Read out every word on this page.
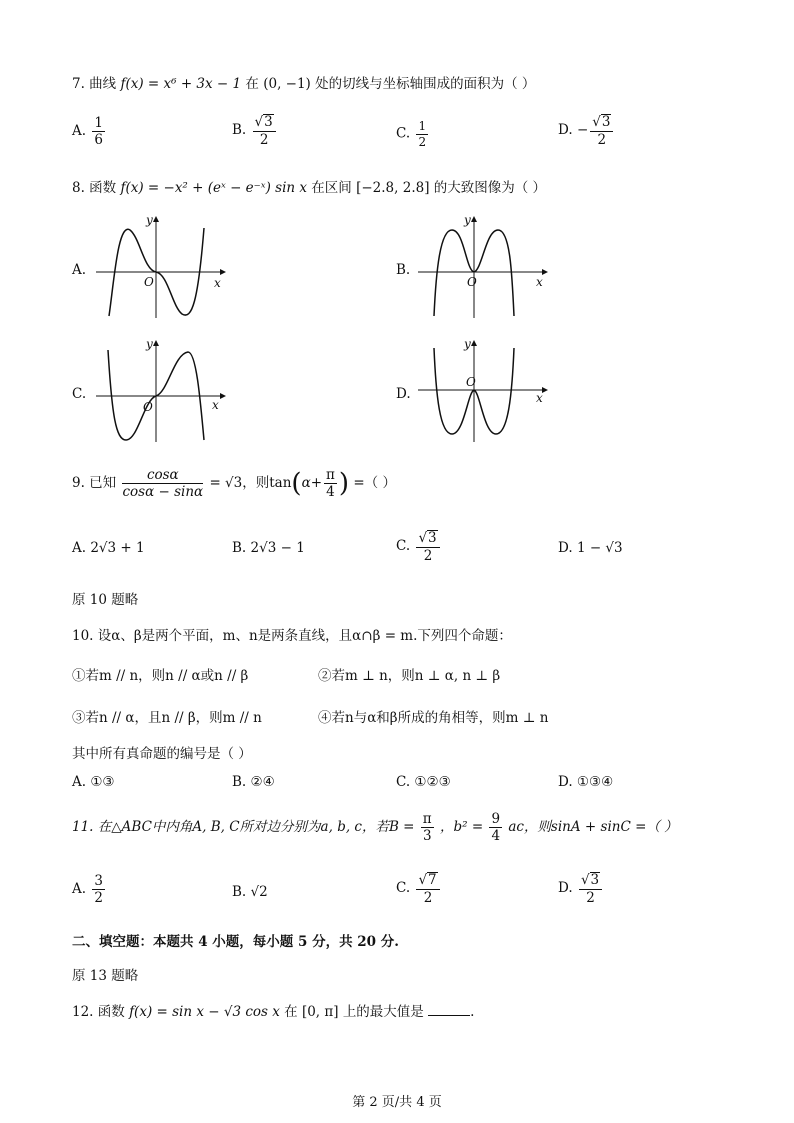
7. 曲线 f(x) = x⁶ + 3x − 1 在 (0, −1) 处的切线与坐标轴围成的面积为（ ）
A. $\frac{1}{6}$	B. $\frac{√3}{2}$	C. $\frac{1}{2}$	D. − $\frac{√3}{2}$
8. 函数 f(x) = −x² + (eˣ − e⁻ˣ) sin x 在区间 [−2.8, 2.8] 的大致图像为（ ）
A.
y
x
O
B.
y
x
O
C.
y
x
O
D.
y
x
O
9. 已知 $\frac{\cos\alpha}{\cos\alpha - \sin\alpha} = √3$，则$\tan(\alpha+ \frac{\pi}{4}$ ) =（ ）
A. 2√3 + 1	B. 2√3 − 1	C. $\frac{√3}{2}$	D. 1 − √3
原 10 题略
10. 设α、β是两个平面，m、n是两条直线，且α∩β = m.下列四个命题：
①若m // n，则n // α或n // β	②若m ⊥ n，则n ⊥ α, n ⊥ β
③若n // α，且n // β，则m // n	④若n与α和β所成的角相等，则m ⊥ n
其中所有真命题的编号是（ ）
A. ①③	B. ②④	C. ①②③	D. ①③④
11. 在△ABC中内角A, B, C所对边分别为a, b, c，若$B = \frac{\pi}{3}$ ，$b^2 = \frac{9}{4}$ ac，则sinA + sinC =（ ）
A. $\frac{3}{2}$	B. √2	C. $\frac{√7}{2}$	D. $\frac{√3}{2}$
二、填空题：本题共 4 小题，每小题 5 分，共 20 分.
原 13 题略
12. 函数 f(x) = sin x − √3 cos x 在 [0, π] 上的最大值是	.
第 2 页/共 4 页
